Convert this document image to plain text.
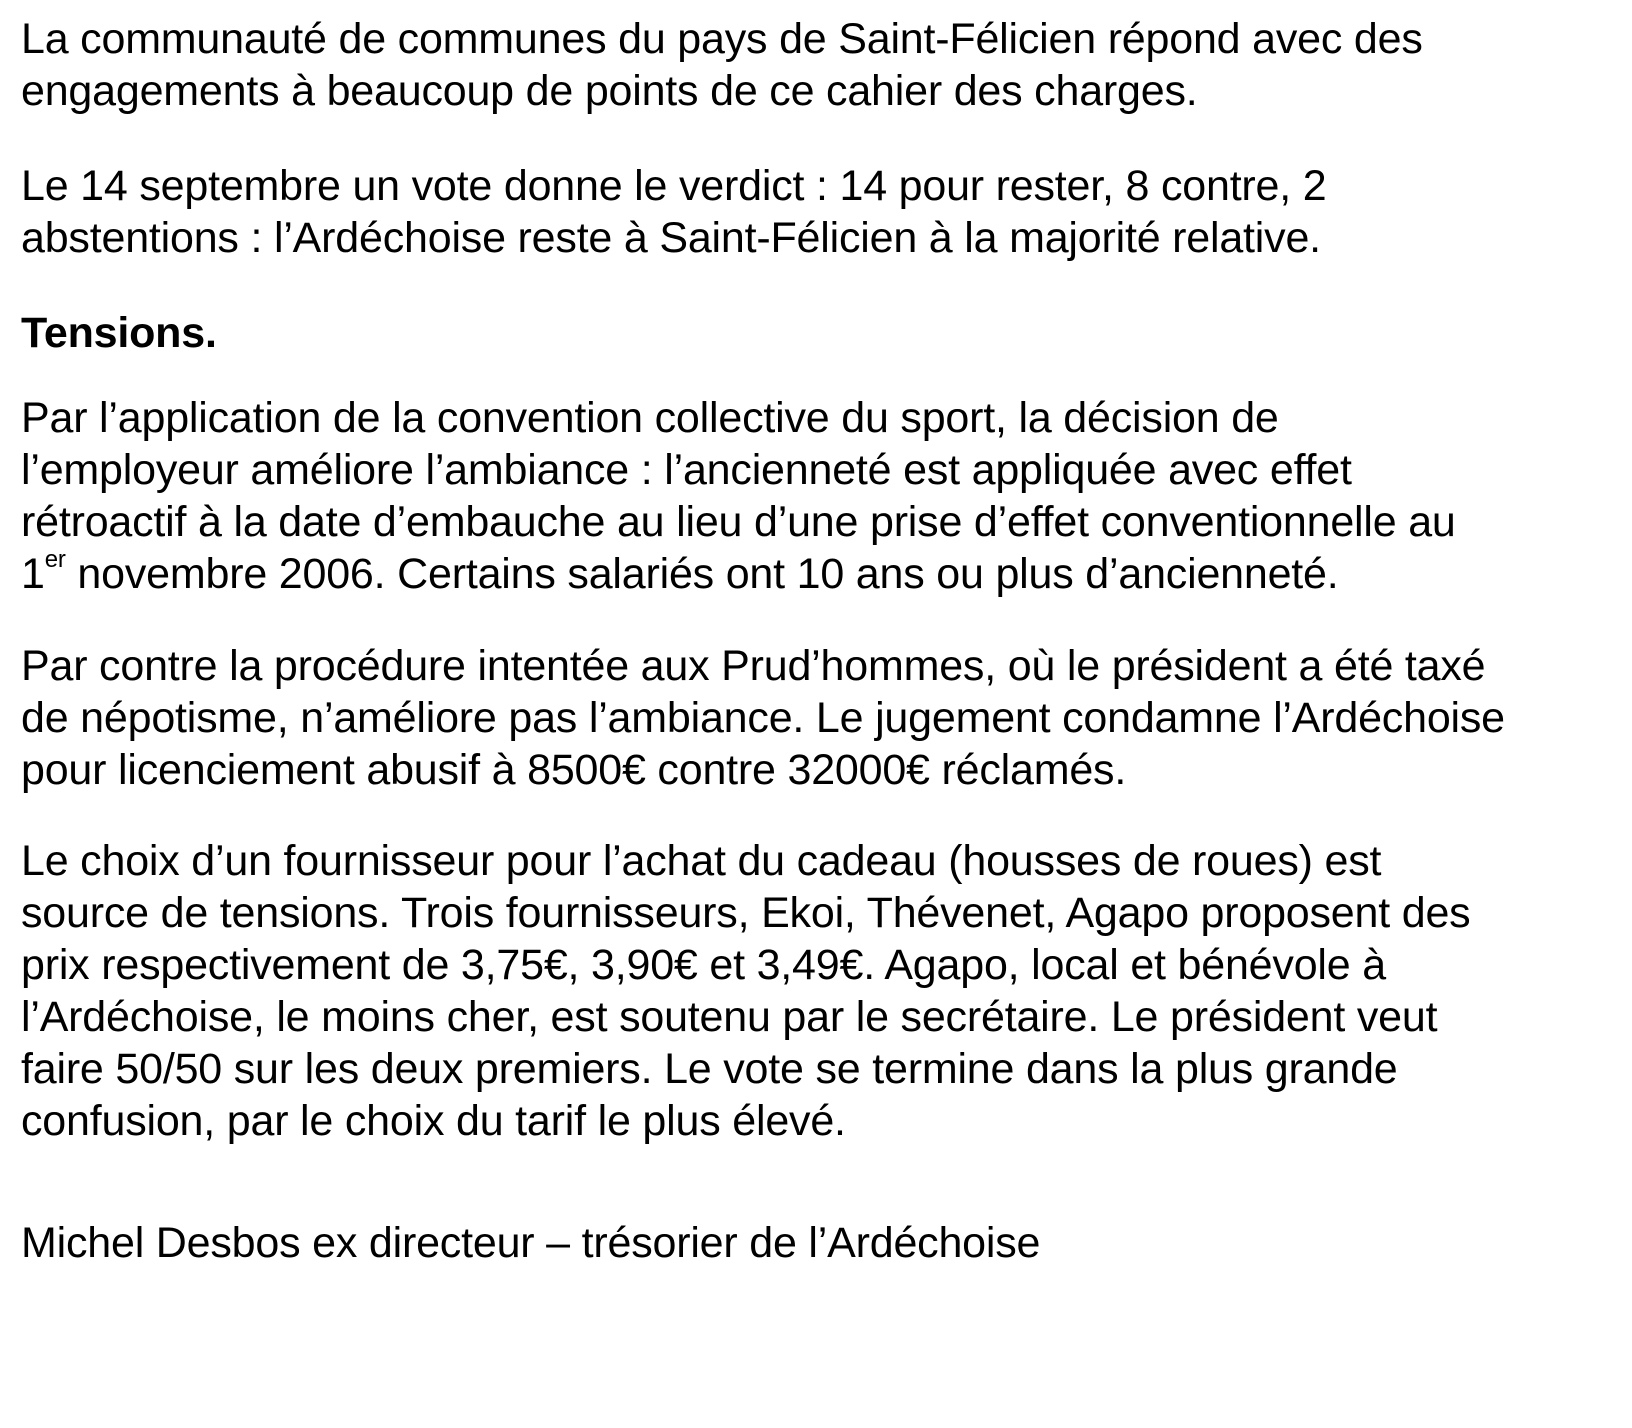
La communauté de communes du pays de Saint-Félicien répond avec des
engagements à beaucoup de points de ce cahier des charges.

Le 14 septembre un vote donne le verdict : 14 pour rester, 8 contre, 2
abstentions : l’Ardéchoise reste à Saint-Félicien à la majorité relative.

Tensions.

Par l’application de la convention collective du sport, la décision de
l’employeur améliore l’ambiance : l’ancienneté est appliquée avec effet
rétroactif à la date d’embauche au lieu d’une prise d’effet conventionnelle au
1er novembre 2006. Certains salariés ont 10 ans ou plus d’ancienneté.

Par contre la procédure intentée aux Prud’hommes, où le président a été taxé
de népotisme, n’améliore pas l’ambiance. Le jugement condamne l’Ardéchoise
pour licenciement abusif à 8500€ contre 32000€ réclamés.

Le choix d’un fournisseur pour l’achat du cadeau (housses de roues) est
source de tensions. Trois fournisseurs, Ekoi, Thévenet, Agapo proposent des
prix respectivement de 3,75€, 3,90€ et 3,49€. Agapo, local et bénévole à
l’Ardéchoise, le moins cher, est soutenu par le secrétaire. Le président veut
faire 50/50 sur les deux premiers. Le vote se termine dans la plus grande
confusion, par le choix du tarif le plus élevé.

Michel Desbos ex directeur – trésorier de l’Ardéchoise
